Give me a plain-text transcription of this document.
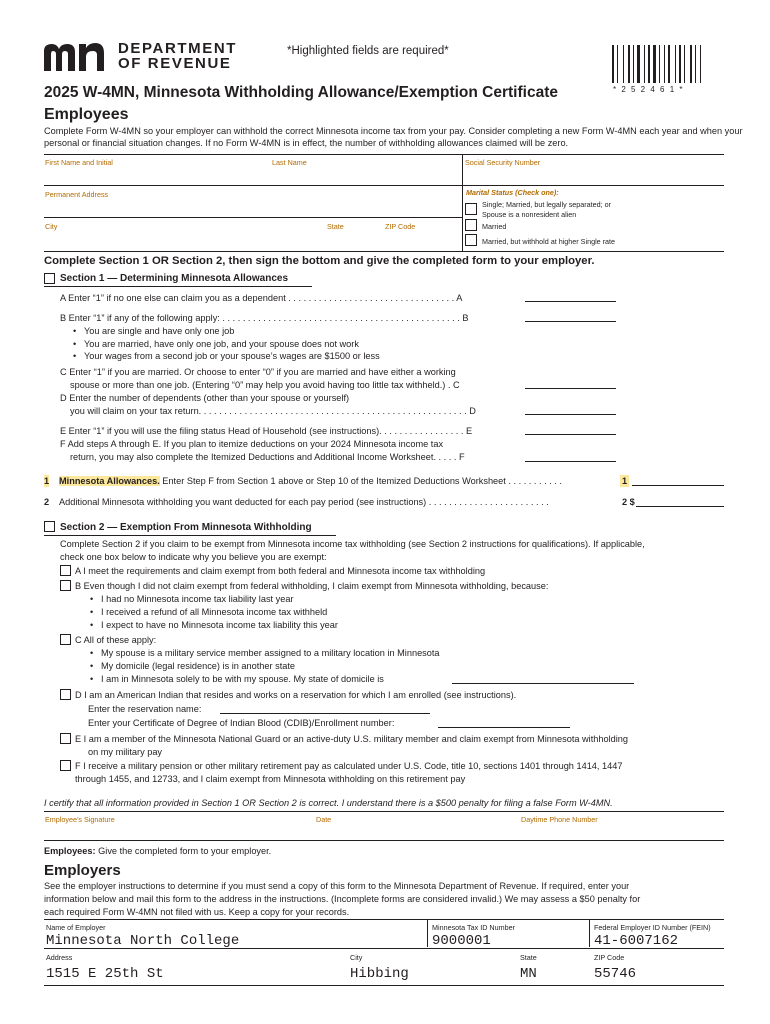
DEPARTMENT
OF REVENUE
*Highlighted fields are required*
* 2 5 2 4 6 1 *
2025 W-4MN, Minnesota Withholding Allowance/Exemption Certificate
Employees
Complete Form W-4MN so your employer can withhold the correct Minnesota income tax from your pay. Consider completing a new Form W-4MN each year and when your personal or financial situation changes. If no Form W-4MN is in effect, the number of withholding allowances claimed will be zero.
First Name and Initial	Last Name	Social Security Number
Permanent Address
City	State	ZIP Code
Marital Status (Check one):
Single; Married, but legally separated; or
Spouse is a nonresident alien
Married
Married, but withhold at higher Single rate
Complete Section 1 OR Section 2, then sign the bottom and give the completed form to your employer.
Section 1 — Determining Minnesota Allowances
A Enter “1” if no one else can claim you as a dependent . . . . . . . . . . . . . . . . . . . . . . . . . . . . . . . . . A
B Enter “1” if any of the following apply: . . . . . . . . . . . . . . . . . . . . . . . . . . . . . . . . . . . . . . . . . . . . . . . B
• You are single and have only one job
• You are married, have only one job, and your spouse does not work
• Your wages from a second job or your spouse’s wages are $1500 or less
C Enter “1” if you are married. Or choose to enter “0” if you are married and have either a working
spouse or more than one job. (Entering “0” may help you avoid having too little tax withheld.) . C
D Enter the number of dependents (other than your spouse or yourself)
you will claim on your tax return. . . . . . . . . . . . . . . . . . . . . . . . . . . . . . . . . . . . . . . . . . . . . . . . . . . . . D
E Enter “1” if you will use the filing status Head of Household (see instructions). . . . . . . . . . . . . . . . . E
F Add steps A through E. If you plan to itemize deductions on your 2024 Minnesota income tax
return, you may also complete the Itemized Deductions and Additional Income Worksheet. . . . . F
1 Minnesota Allowances. Enter Step F from Section 1 above or Step 10 of the Itemized Deductions Worksheet . . . . . . . . . . .	1
2 Additional Minnesota withholding you want deducted for each pay period (see instructions) . . . . . . . . . . . . . . . . . . . . . . . .	2 $
Section 2 — Exemption From Minnesota Withholding
Complete Section 2 if you claim to be exempt from Minnesota income tax withholding (see Section 2 instructions for qualifications). If applicable,
check one box below to indicate why you believe you are exempt:
A I meet the requirements and claim exempt from both federal and Minnesota income tax withholding
B Even though I did not claim exempt from federal withholding, I claim exempt from Minnesota withholding, because:
• I had no Minnesota income tax liability last year
• I received a refund of all Minnesota income tax withheld
• I expect to have no Minnesota income tax liability this year
C All of these apply:
• My spouse is a military service member assigned to a military location in Minnesota
• My domicile (legal residence) is in another state
• I am in Minnesota solely to be with my spouse. My state of domicile is
D I am an American Indian that resides and works on a reservation for which I am enrolled (see instructions).
Enter the reservation name:
Enter your Certificate of Degree of Indian Blood (CDIB)/Enrollment number:
E I am a member of the Minnesota National Guard or an active-duty U.S. military member and claim exempt from Minnesota withholding
on my military pay
F I receive a military pension or other military retirement pay as calculated under U.S. Code, title 10, sections 1401 through 1414, 1447
through 1455, and 12733, and I claim exempt from Minnesota withholding on this retirement pay
I certify that all information provided in Section 1 OR Section 2 is correct. I understand there is a $500 penalty for filing a false Form W-4MN.
Employee’s Signature	Date	Daytime Phone Number
Employees: Give the completed form to your employer.
Employers
See the employer instructions to determine if you must send a copy of this form to the Minnesota Department of Revenue. If required, enter your
information below and mail this form to the address in the instructions. (Incomplete forms are considered invalid.) We may assess a $50 penalty for
each required Form W-4MN not filed with us. Keep a copy for your records.
Name of Employer
Minnesota North College
Minnesota Tax ID Number
9000001
Federal Employer ID Number (FEIN)
41-6007162
Address
1515 E 25th St
City
Hibbing
State
MN
ZIP Code
55746
